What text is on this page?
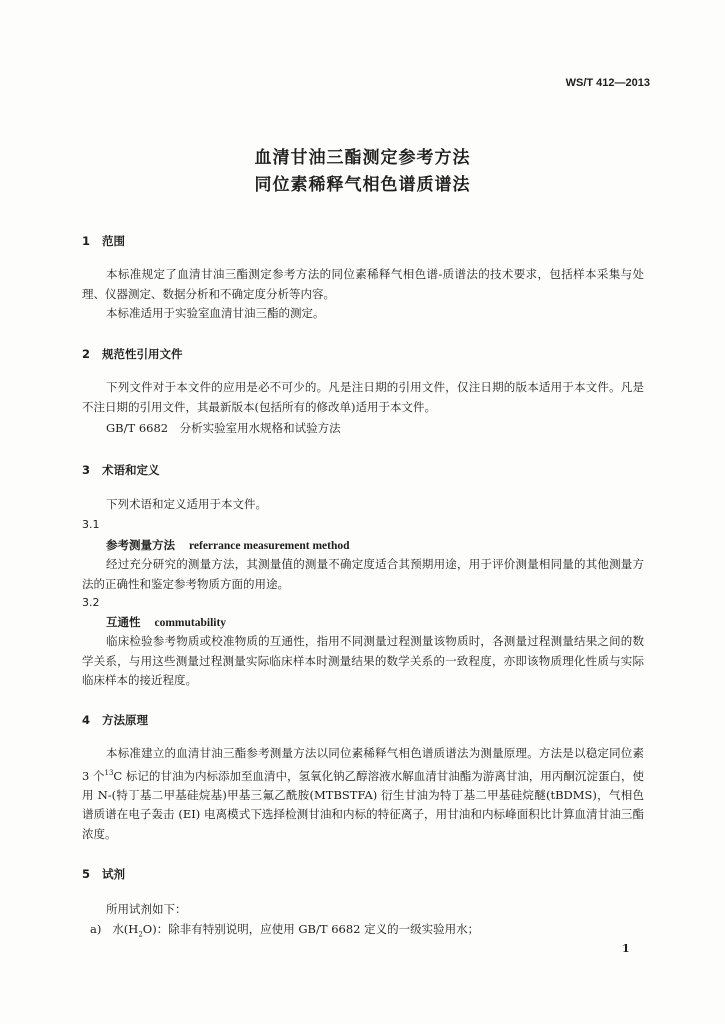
WS/T 412—2013
血清甘油三酯测定参考方法
同位素稀释气相色谱质谱法
1 范围
本标准规定了血清甘油三酯测定参考方法的同位素稀释气相色谱-质谱法的技术要求，包括样本采集与处理、仪器测定、数据分析和不确定度分析等内容。
本标准适用于实验室血清甘油三酯的测定。
2 规范性引用文件
下列文件对于本文件的应用是必不可少的。凡是注日期的引用文件，仅注日期的版本适用于本文件。凡是不注日期的引用文件，其最新版本(包括所有的修改单)适用于本文件。
GB/T 6682　分析实验室用水规格和试验方法
3 术语和定义
下列术语和定义适用于本文件。
3.1
参考测量方法 referrance measurement method
经过充分研究的测量方法，其测量值的测量不确定度适合其预期用途，用于评价测量相同量的其他测量方法的正确性和鉴定参考物质方面的用途。
3.2
互通性 commutability
临床检验参考物质或校准物质的互通性，指用不同测量过程测量该物质时，各测量过程测量结果之间的数学关系，与用这些测量过程测量实际临床样本时测量结果的数学关系的一致程度，亦即该物质理化性质与实际临床样本的接近程度。
4 方法原理
本标准建立的血清甘油三酯参考测量方法以同位素稀释气相色谱质谱法为测量原理。方法是以稳定同位素 3 个$^{13}$C 标记的甘油为内标添加至血清中，氢氧化钠乙醇溶液水解血清甘油酯为游离甘油，用丙酮沉淀蛋白，使用 N-(特丁基二甲基硅烷基)甲基三氟乙酰胺(MTBSTFA) 衍生甘油为特丁基二甲基硅烷醚(tBDMS)，气相色谱质谱在电子轰击 (EI) 电离模式下选择检测甘油和内标的特征离子，用甘油和内标峰面积比计算血清甘油三酯浓度。
5 试剂
所用试剂如下：
a) 水$(H_2O)$：除非有特别说明，应使用 GB/T 6682 定义的一级实验用水；
1
